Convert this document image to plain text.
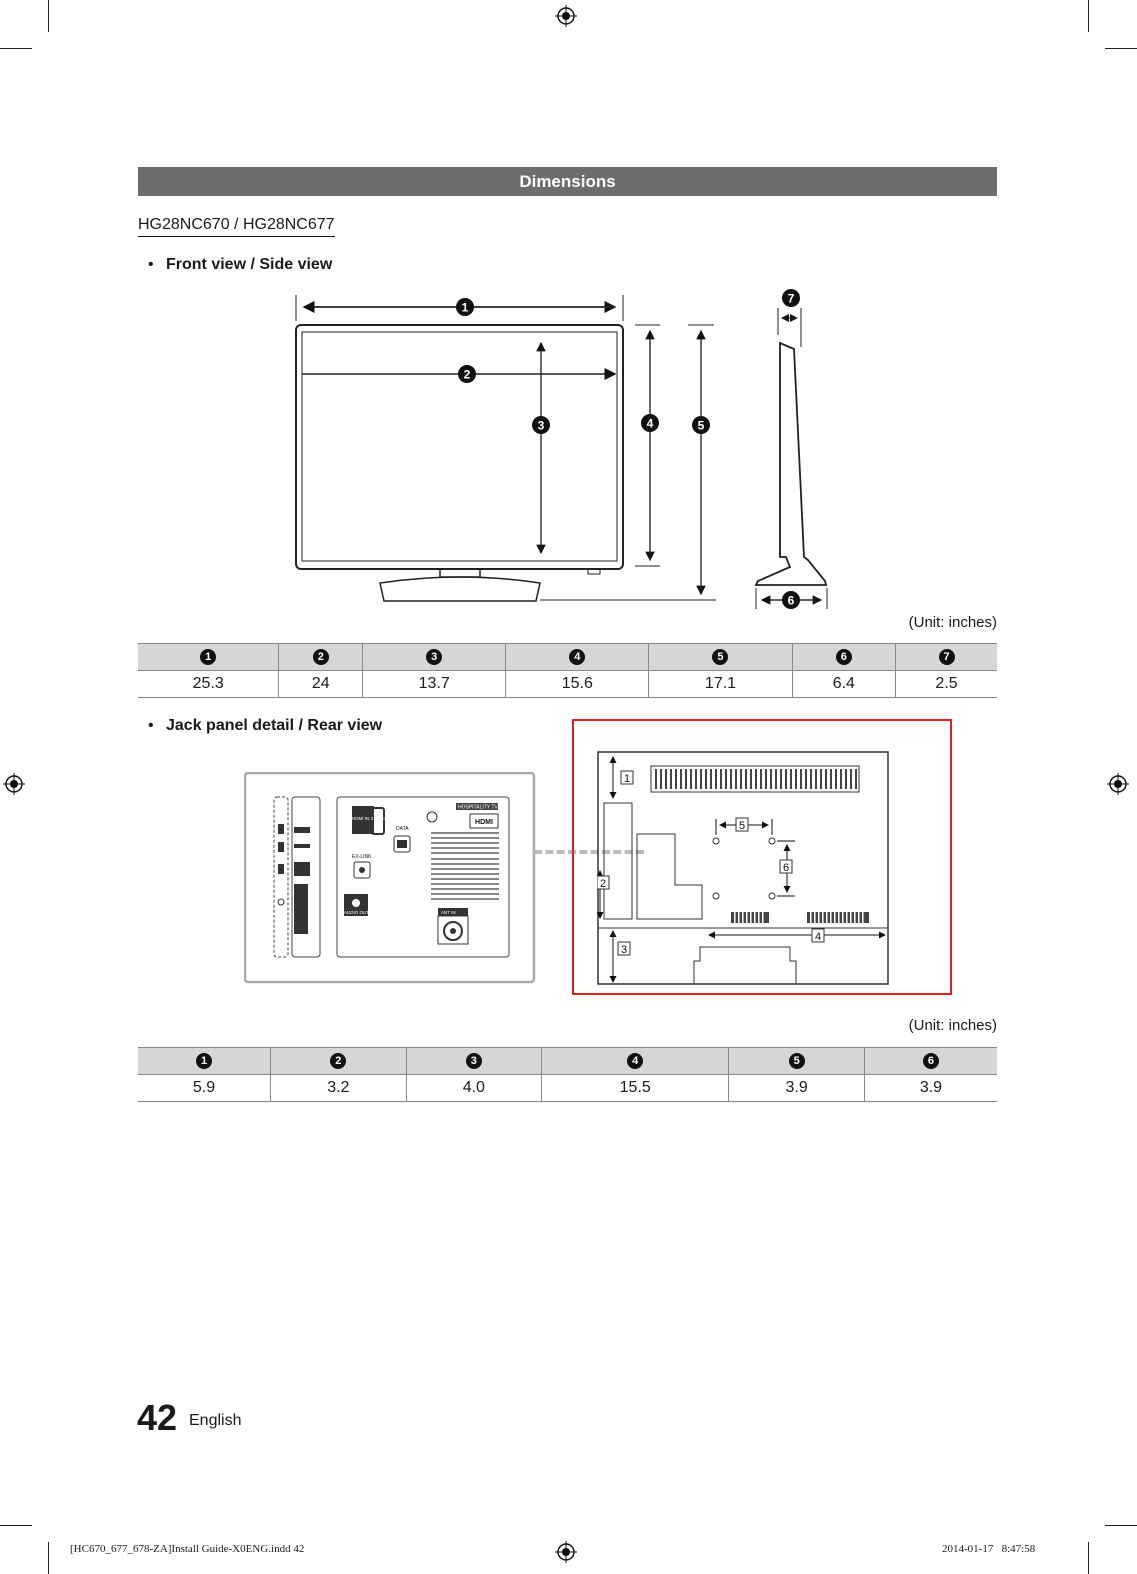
Dimensions
HG28NC670 / HG28NC677
• Front view / Side view
1
2
3	4	5
6
7
(Unit: inches)
1	2	3	4	5	6	7
25.3	24	13.7	15.6	17.1	6.4	2.5
• Jack panel detail / Rear view
HDMI IN 3 (ARC)
HOSPITALITY TV
HDMI
DATA
EX-LINK
AUDIO OUT	ANT IN
1
2
3
4
5
6
(Unit: inches)
1	2	3	4	5	6
5.9	3.2	4.0	15.5	3.9	3.9
42 English
[HC670_677_678-ZA]Install Guide-X0ENG.indd 42	2014-01-17   8:47:58
